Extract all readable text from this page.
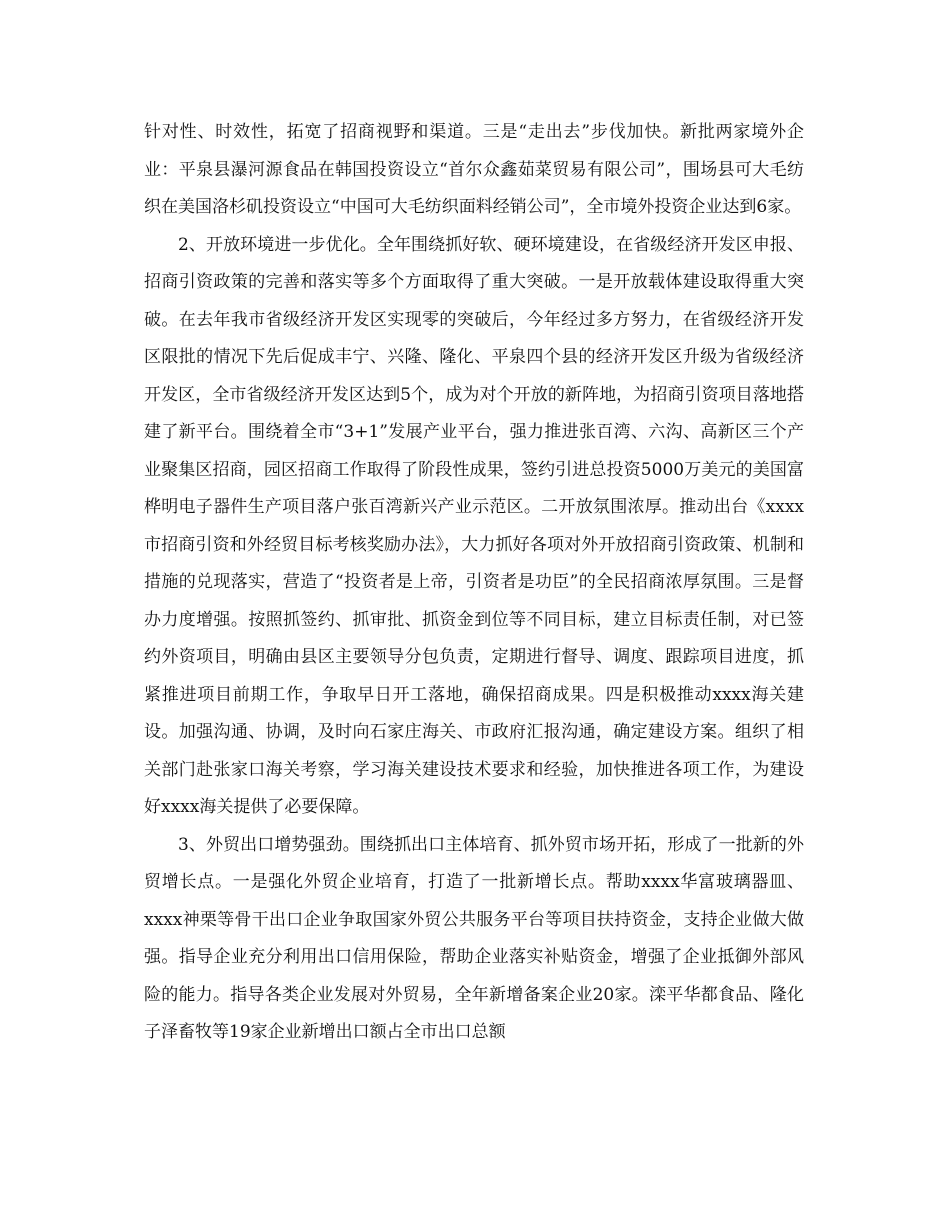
针对性、时效性，拓宽了招商视野和渠道。三是“走出去”步伐加快。新批两家境外企业：平泉县瀑河源食品在韩国投资设立“首尔众鑫茹菜贸易有限公司”，围场县可大毛纺织在美国洛杉矶投资设立“中国可大毛纺织面料经销公司”，全市境外投资企业达到6家。

2、开放环境进一步优化。全年围绕抓好软、硬环境建设，在省级经济开发区申报、招商引资政策的完善和落实等多个方面取得了重大突破。一是开放载体建设取得重大突破。在去年我市省级经济开发区实现零的突破后，今年经过多方努力，在省级经济开发区限批的情况下先后促成丰宁、兴隆、隆化、平泉四个县的经济开发区升级为省级经济开发区，全市省级经济开发区达到5个，成为对个开放的新阵地，为招商引资项目落地搭建了新平台。围绕着全市“3+1”发展产业平台，强力推进张百湾、六沟、高新区三个产业聚集区招商，园区招商工作取得了阶段性成果，签约引进总投资5000万美元的美国富桦明电子器件生产项目落户张百湾新兴产业示范区。二开放氛围浓厚。推动出台《xxxx市招商引资和外经贸目标考核奖励办法》，大力抓好各项对外开放招商引资政策、机制和措施的兑现落实，营造了“投资者是上帝，引资者是功臣”的全民招商浓厚氛围。三是督办力度增强。按照抓签约、抓审批、抓资金到位等不同目标，建立目标责任制，对已签约外资项目，明确由县区主要领导分包负责，定期进行督导、调度、跟踪项目进度，抓紧推进项目前期工作，争取早日开工落地，确保招商成果。四是积极推动xxxx海关建设。加强沟通、协调，及时向石家庄海关、市政府汇报沟通，确定建设方案。组织了相关部门赴张家口海关考察，学习海关建设技术要求和经验，加快推进各项工作，为建设好xxxx海关提供了必要保障。

3、外贸出口增势强劲。围绕抓出口主体培育、抓外贸市场开拓，形成了一批新的外贸增长点。一是强化外贸企业培育，打造了一批新增长点。帮助xxxx华富玻璃器皿、xxxx神栗等骨干出口企业争取国家外贸公共服务平台等项目扶持资金，支持企业做大做强。指导企业充分利用出口信用保险，帮助企业落实补贴资金，增强了企业抵御外部风险的能力。指导各类企业发展对外贸易，全年新增备案企业20家。滦平华都食品、隆化子泽畜牧等19家企业新增出口额占全市出口总额
